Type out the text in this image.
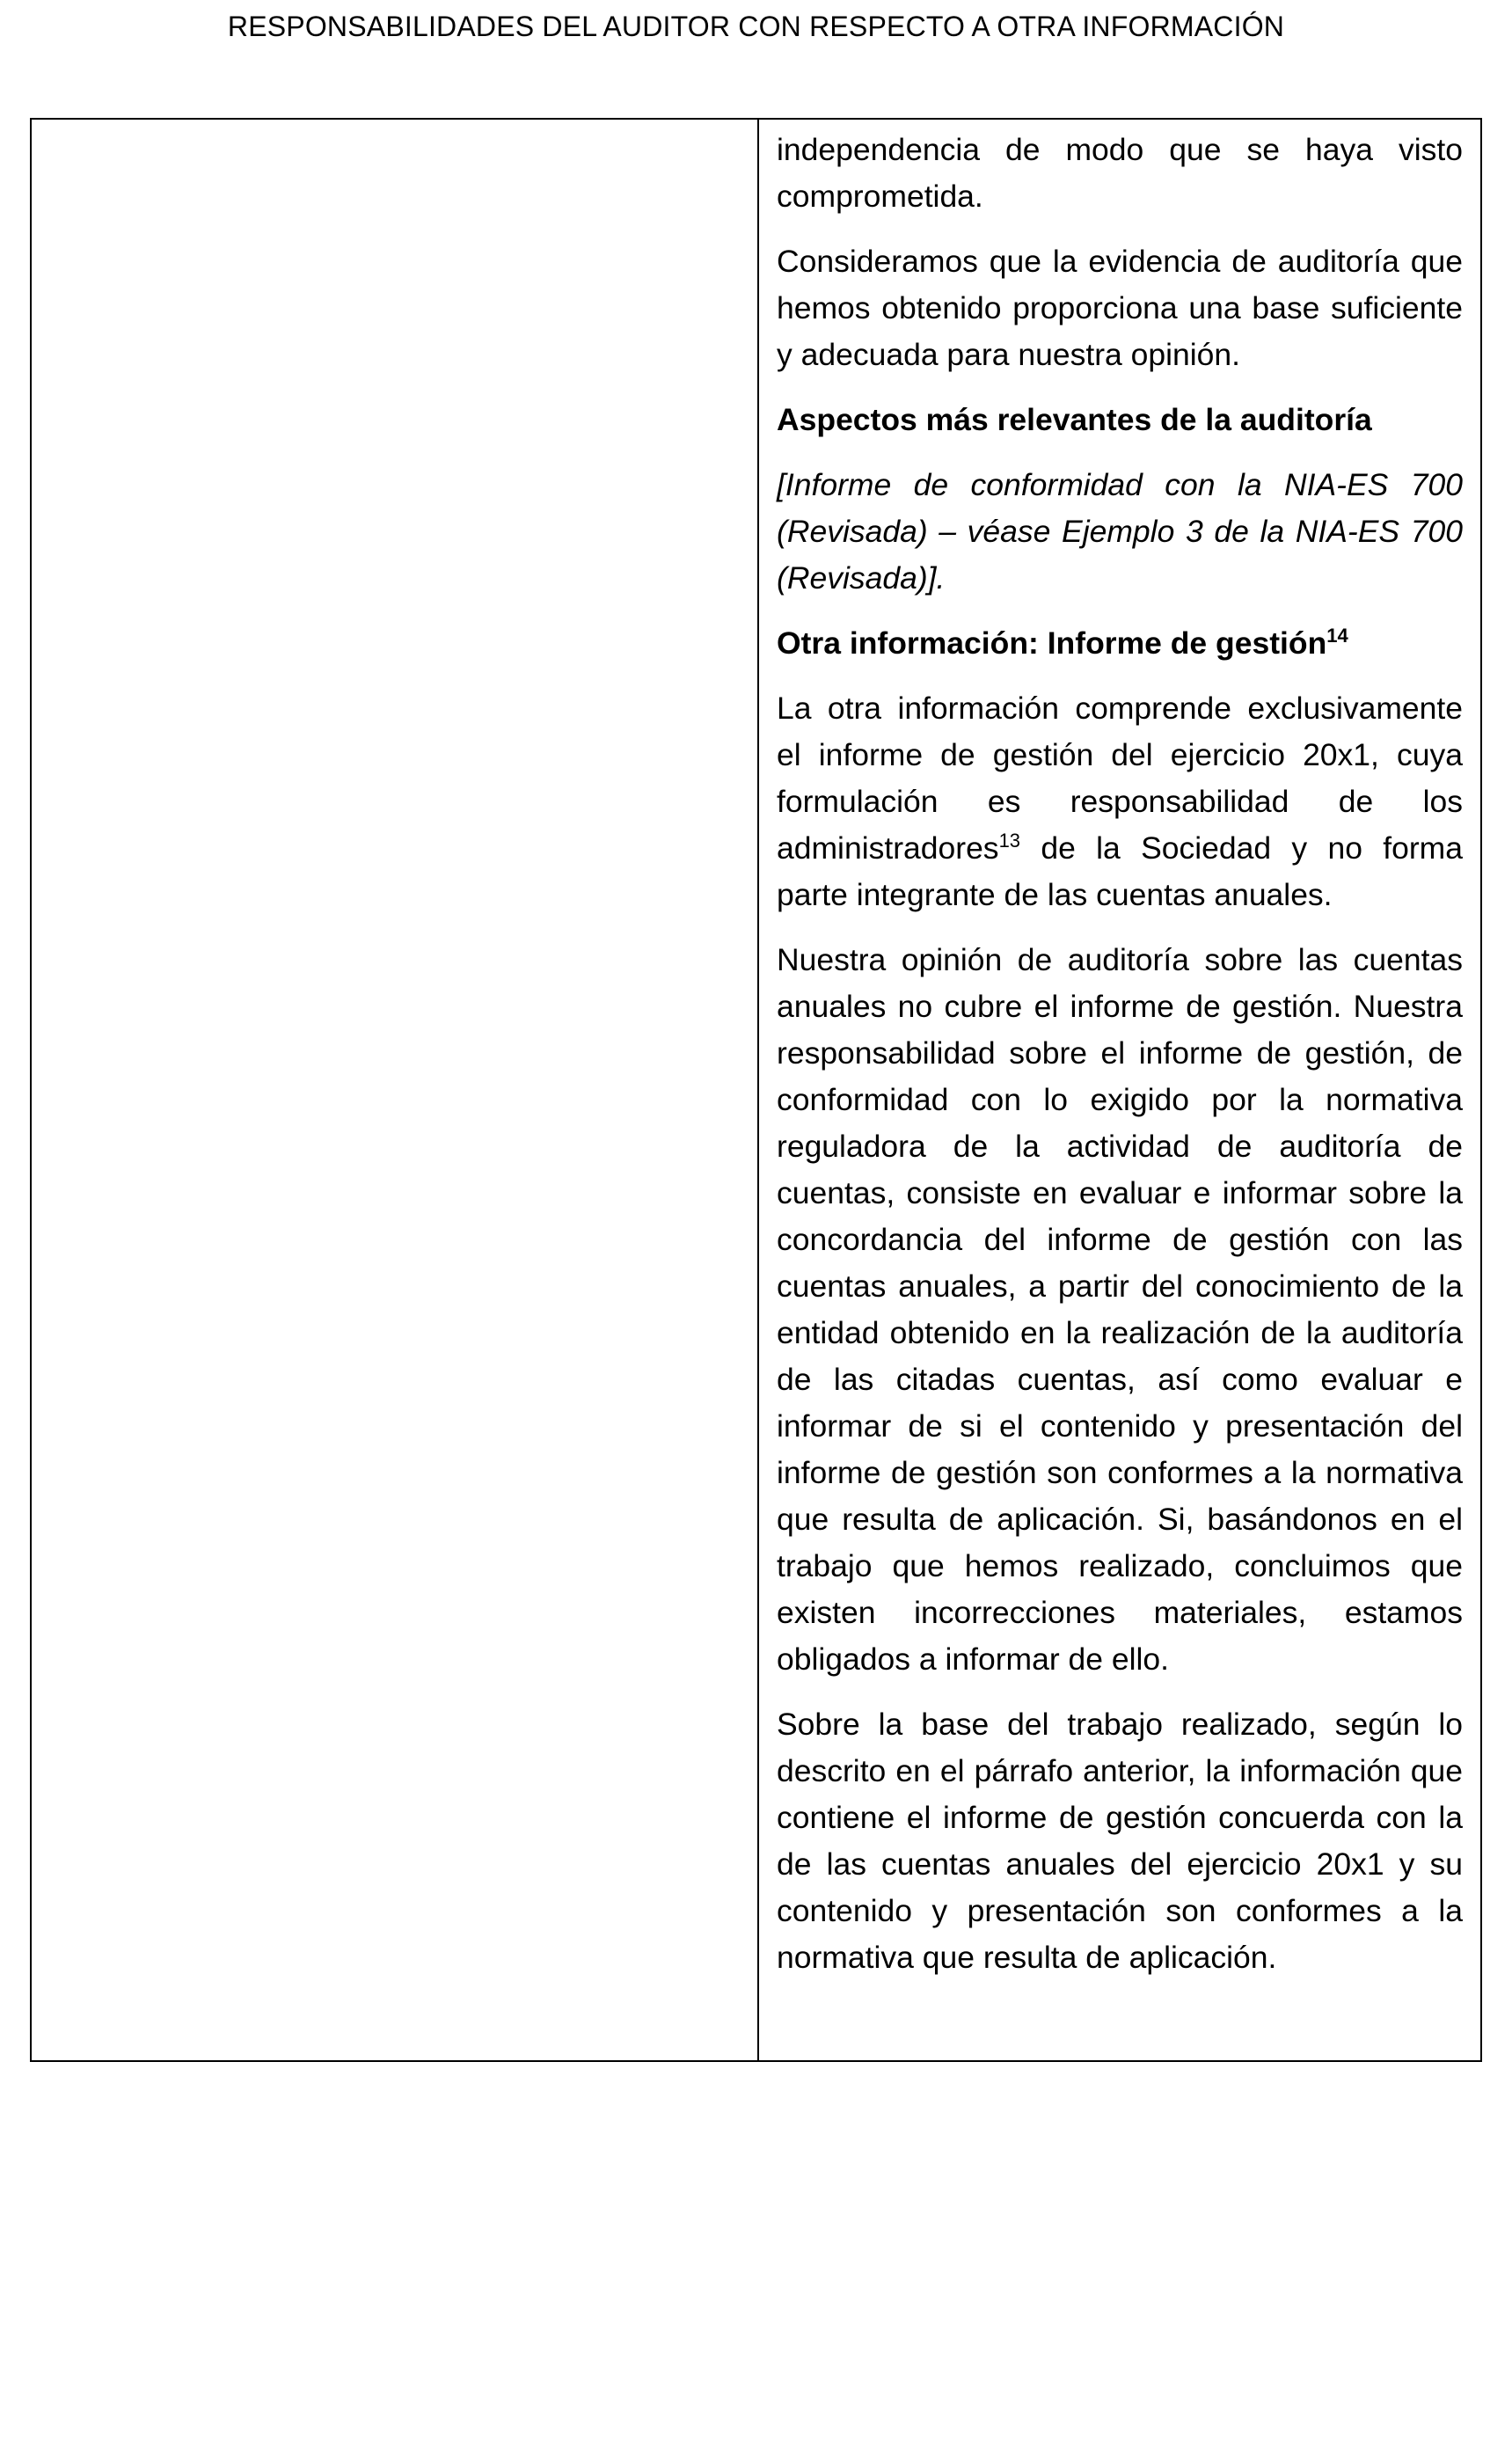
RESPONSABILIDADES DEL AUDITOR CON RESPECTO A OTRA INFORMACIÓN

independencia de modo que se haya visto comprometida.

Consideramos que la evidencia de auditoría que hemos obtenido proporciona una base suficiente y adecuada para nuestra opinión.

Aspectos más relevantes de la auditoría

[Informe de conformidad con la NIA-ES 700 (Revisada) – véase Ejemplo 3 de la NIA-ES 700 (Revisada)].

Otra información: Informe de gestión$^{14}$

La otra información comprende exclusivamente el informe de gestión del ejercicio 20x1, cuya formulación es responsabilidad de los administradores$^{13}$ de la Sociedad y no forma parte integrante de las cuentas anuales.

Nuestra opinión de auditoría sobre las cuentas anuales no cubre el informe de gestión. Nuestra responsabilidad sobre el informe de gestión, de conformidad con lo exigido por la normativa reguladora de la actividad de auditoría de cuentas, consiste en evaluar e informar sobre la concordancia del informe de gestión con las cuentas anuales, a partir del conocimiento de la entidad obtenido en la realización de la auditoría de las citadas cuentas, así como evaluar e informar de si el contenido y presentación del informe de gestión son conformes a la normativa que resulta de aplicación. Si, basándonos en el trabajo que hemos realizado, concluimos que existen incorrecciones materiales, estamos obligados a informar de ello.

Sobre la base del trabajo realizado, según lo descrito en el párrafo anterior, la información que contiene el informe de gestión concuerda con la de las cuentas anuales del ejercicio 20x1 y su contenido y presentación son conformes a la normativa que resulta de aplicación.
